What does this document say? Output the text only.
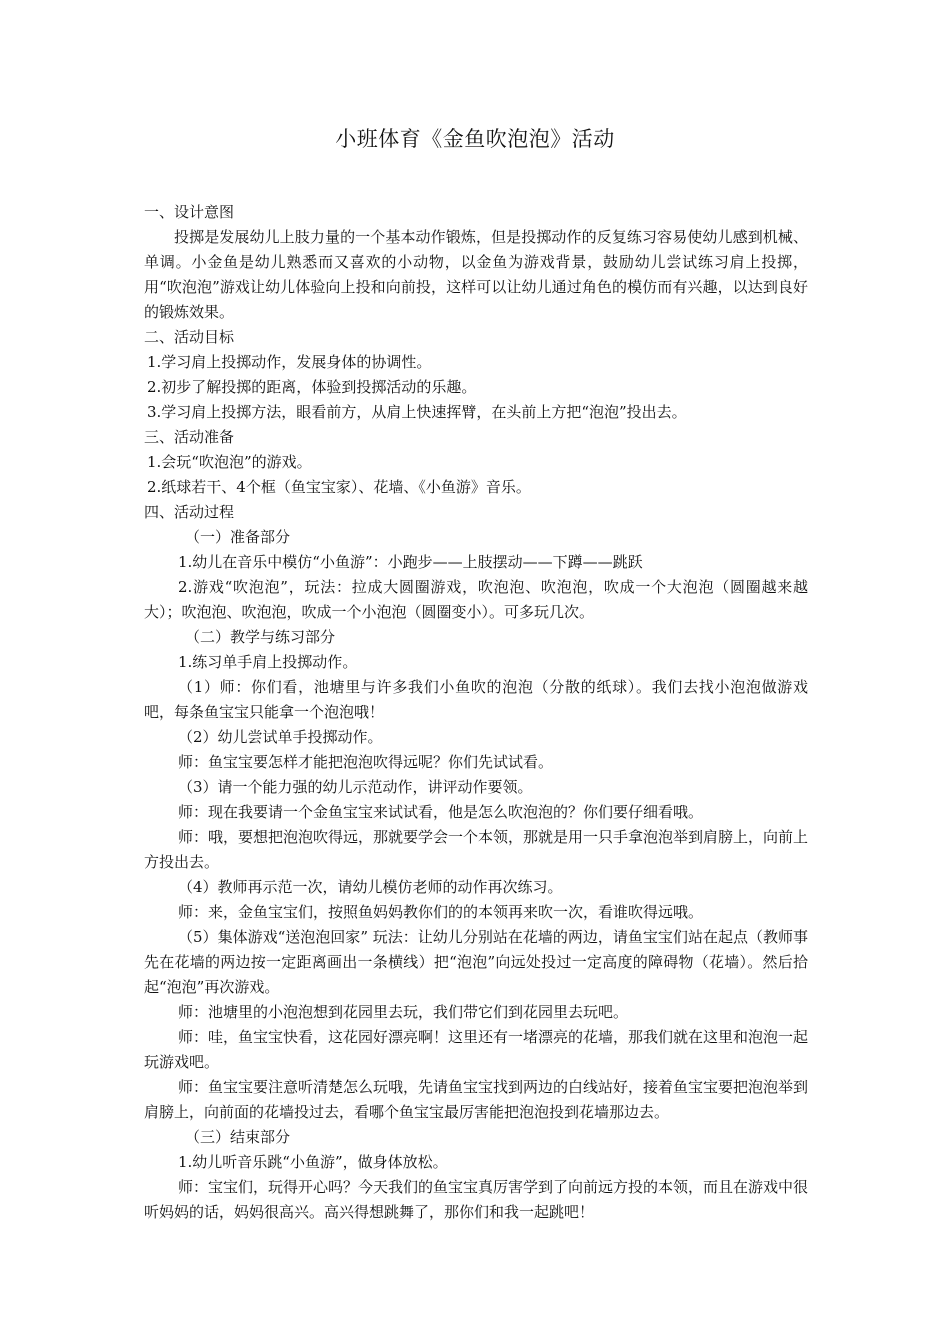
小班体育《金鱼吹泡泡》活动

一、设计意图

投掷是发展幼儿上肢力量的一个基本动作锻炼，但是投掷动作的反复练习容易使幼儿感到机械、单调。小金鱼是幼儿熟悉而又喜欢的小动物，以金鱼为游戏背景，鼓励幼儿尝试练习肩上投掷，用“吹泡泡”游戏让幼儿体验向上投和向前投，这样可以让幼儿通过角色的模仿而有兴趣，以达到良好的锻炼效果。

二、活动目标

1.学习肩上投掷动作，发展身体的协调性。

2.初步了解投掷的距离，体验到投掷活动的乐趣。

3.学习肩上投掷方法，眼看前方，从肩上快速挥臂，在头前上方把“泡泡”投出去。

三、活动准备

1.会玩“吹泡泡”的游戏。

2.纸球若干、4个框（鱼宝宝家）、花墙、《小鱼游》音乐。

四、活动过程

（一）准备部分

1.幼儿在音乐中模仿“小鱼游”：小跑步——上肢摆动——下蹲——跳跃

2.游戏“吹泡泡”，玩法：拉成大圆圈游戏，吹泡泡、吹泡泡，吹成一个大泡泡（圆圈越来越大）；吹泡泡、吹泡泡，吹成一个小泡泡（圆圈变小）。可多玩几次。

（二）教学与练习部分

1.练习单手肩上投掷动作。

（1）师：你们看，池塘里与许多我们小鱼吹的泡泡（分散的纸球）。我们去找小泡泡做游戏吧，每条鱼宝宝只能拿一个泡泡哦！

（2）幼儿尝试单手投掷动作。

师：鱼宝宝要怎样才能把泡泡吹得远呢？你们先试试看。

（3）请一个能力强的幼儿示范动作，讲评动作要领。

师：现在我要请一个金鱼宝宝来试试看，他是怎么吹泡泡的？你们要仔细看哦。

师：哦，要想把泡泡吹得远，那就要学会一个本领，那就是用一只手拿泡泡举到肩膀上，向前上方投出去。

（4）教师再示范一次，请幼儿模仿老师的动作再次练习。

师：来，金鱼宝宝们，按照鱼妈妈教你们的的本领再来吹一次，看谁吹得远哦。

（5）集体游戏“送泡泡回家” 玩法：让幼儿分别站在花墙的两边，请鱼宝宝们站在起点（教师事先在花墙的两边按一定距离画出一条横线）把“泡泡”向远处投过一定高度的障碍物（花墙）。然后拾起“泡泡”再次游戏。

师：池塘里的小泡泡想到花园里去玩，我们带它们到花园里去玩吧。

师：哇，鱼宝宝快看，这花园好漂亮啊！这里还有一堵漂亮的花墙，那我们就在这里和泡泡一起玩游戏吧。

师：鱼宝宝要注意听清楚怎么玩哦，先请鱼宝宝找到两边的白线站好，接着鱼宝宝要把泡泡举到肩膀上，向前面的花墙投过去，看哪个鱼宝宝最厉害能把泡泡投到花墙那边去。

（三）结束部分

1.幼儿听音乐跳“小鱼游”，做身体放松。

师：宝宝们，玩得开心吗？今天我们的鱼宝宝真厉害学到了向前远方投的本领，而且在游戏中很听妈妈的话，妈妈很高兴。高兴得想跳舞了，那你们和我一起跳吧！
